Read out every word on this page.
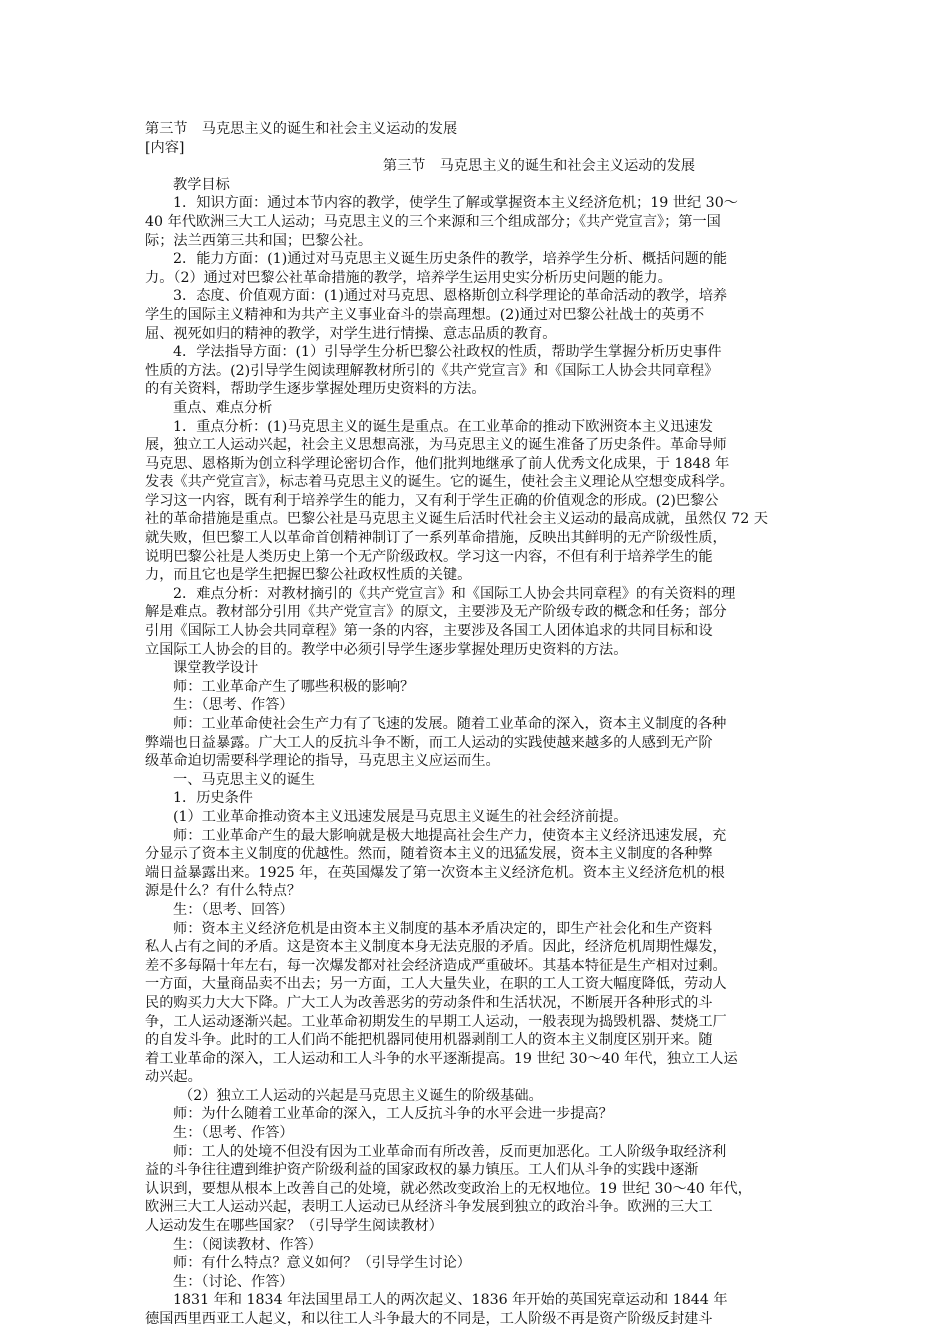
第三节　马克思主义的诞生和社会主义运动的发展
[内容]
第三节　马克思主义的诞生和社会主义运动的发展
教学目标
1．知识方面：通过本节内容的教学，使学生了解或掌握资本主义经济危机；19 世纪 30～
40 年代欧洲三大工人运动；马克思主义的三个来源和三个组成部分；《共产党宣言》；第一国
际；法兰西第三共和国；巴黎公社。
2．能力方面：(1)通过对马克思主义诞生历史条件的教学，培养学生分析、概括问题的能
力。（2）通过对巴黎公社革命措施的教学，培养学生运用史实分析历史问题的能力。
3．态度、价值观方面：(1)通过对马克思、恩格斯创立科学理论的革命活动的教学，培养
学生的国际主义精神和为共产主义事业奋斗的崇高理想。(2)通过对巴黎公社战士的英勇不
屈、视死如归的精神的教学，对学生进行情操、意志品质的教育。
4．学法指导方面：(1）引导学生分析巴黎公社政权的性质，帮助学生掌握分析历史事件
性质的方法。(2)引导学生阅读理解教材所引的《共产党宣言》和《国际工人协会共同章程》
的有关资料，帮助学生逐步掌握处理历史资料的方法。
重点、难点分析
1．重点分析：(1)马克思主义的诞生是重点。在工业革命的推动下欧洲资本主义迅速发
展，独立工人运动兴起，社会主义思想高涨，为马克思主义的诞生准备了历史条件。革命导师
马克思、恩格斯为创立科学理论密切合作，他们批判地继承了前人优秀文化成果，于 1848 年
发表《共产党宣言》，标志着马克思主义的诞生。它的诞生，使社会主义理论从空想变成科学。
学习这一内容，既有利于培养学生的能力，又有利于学生正确的价值观念的形成。(2)巴黎公
社的革命措施是重点。巴黎公社是马克思主义诞生后活时代社会主义运动的最高成就，虽然仅 72 天
就失败，但巴黎工人以革命首创精神制订了一系列革命措施，反映出其鲜明的无产阶级性质，
说明巴黎公社是人类历史上第一个无产阶级政权。学习这一内容，不但有利于培养学生的能
力，而且它也是学生把握巴黎公社政权性质的关键。
2．难点分析：对教材摘引的《共产党宣言》和《国际工人协会共同章程》的有关资料的理
解是难点。教材部分引用《共产党宣言》的原文，主要涉及无产阶级专政的概念和任务；部分
引用《国际工人协会共同章程》第一条的内容，主要涉及各国工人团体追求的共同目标和设
立国际工人协会的目的。教学中必须引导学生逐步掌握处理历史资料的方法。
课堂教学设计
师：工业革命产生了哪些积极的影响？
生：（思考、作答）
师：工业革命使社会生产力有了飞速的发展。随着工业革命的深入，资本主义制度的各种
弊端也日益暴露。广大工人的反抗斗争不断，而工人运动的实践使越来越多的人感到无产阶
级革命迫切需要科学理论的指导，马克思主义应运而生。
一、马克思主义的诞生
1．历史条件
(1）工业革命推动资本主义迅速发展是马克思主义诞生的社会经济前提。
师：工业革命产生的最大影响就是极大地提高社会生产力，使资本主义经济迅速发展，充
分显示了资本主义制度的优越性。然而，随着资本主义的迅猛发展，资本主义制度的各种弊
端日益暴露出来。1925 年，在英国爆发了第一次资本主义经济危机。资本主义经济危机的根
源是什么？有什么特点？
生：（思考、回答）
师：资本主义经济危机是由资本主义制度的基本矛盾决定的，即生产社会化和生产资料
私人占有之间的矛盾。这是资本主义制度本身无法克服的矛盾。因此，经济危机周期性爆发，
差不多每隔十年左右，每一次爆发都对社会经济造成严重破坏。其基本特征是生产相对过剩。
一方面，大量商品卖不出去；另一方面，工人大量失业，在职的工人工资大幅度降低，劳动人
民的购买力大大下降。广大工人为改善恶劣的劳动条件和生活状况，不断展开各种形式的斗
争，工人运动逐渐兴起。工业革命初期发生的早期工人运动，一般表现为捣毁机器、焚烧工厂
的自发斗争。此时的工人们尚不能把机器同使用机器剥削工人的资本主义制度区别开来。随
着工业革命的深入，工人运动和工人斗争的水平逐渐提高。19 世纪 30～40 年代，独立工人运
动兴起。
（2）独立工人运动的兴起是马克思主义诞生的阶级基础。
师：为什么随着工业革命的深入，工人反抗斗争的水平会进一步提高？
生：（思考、作答）
师：工人的处境不但没有因为工业革命而有所改善，反而更加恶化。工人阶级争取经济利
益的斗争往往遭到维护资产阶级利益的国家政权的暴力镇压。工人们从斗争的实践中逐渐
认识到，要想从根本上改善自己的处境，就必然改变政治上的无权地位。19 世纪 30～40 年代，
欧洲三大工人运动兴起，表明工人运动已从经济斗争发展到独立的政治斗争。欧洲的三大工
人运动发生在哪些国家？（引导学生阅读教材）
生：（阅读教材、作答）
师：有什么特点？意义如何？（引导学生讨论）
生：（讨论、作答）
1831 年和 1834 年法国里昂工人的两次起义、1836 年开始的英国宪章运动和 1844 年
德国西里西亚工人起义，和以往工人斗争最大的不同是，工人阶级不再是资产阶级反封建斗
